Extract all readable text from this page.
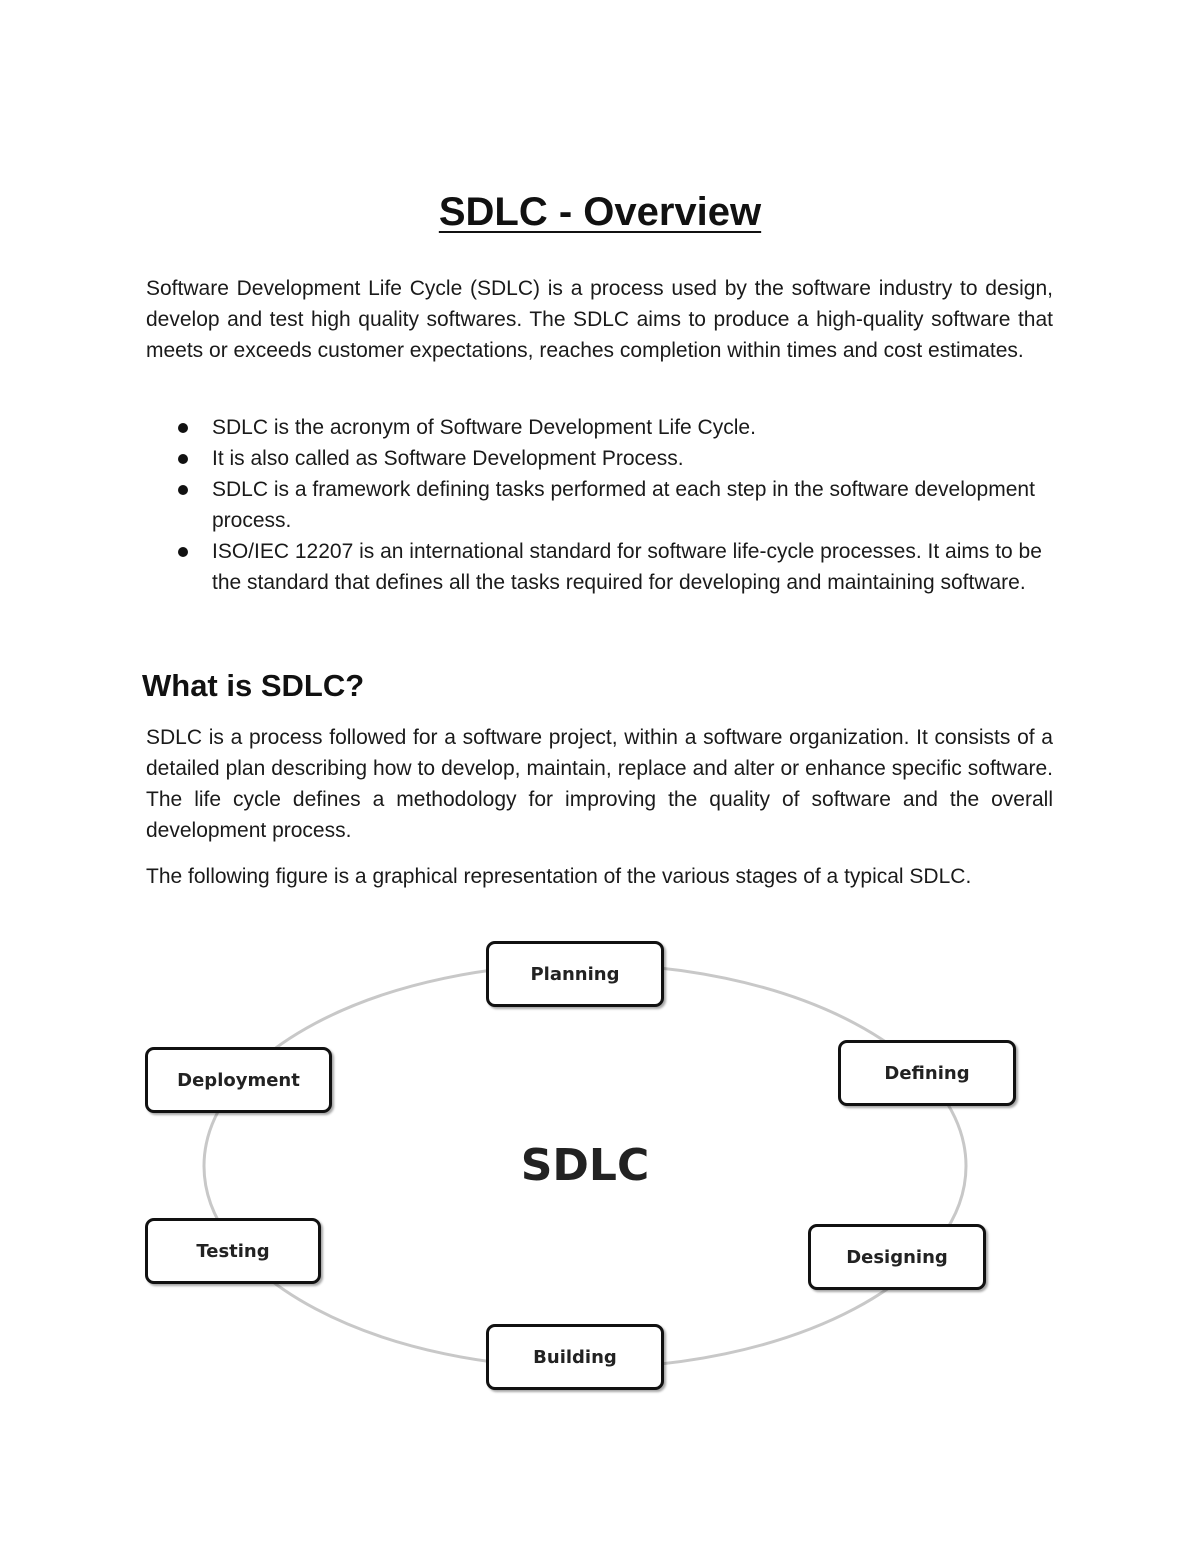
SDLC - Overview

Software Development Life Cycle (SDLC) is a process used by the software industry to design, develop and test high quality softwares. The SDLC aims to produce a high-quality software that meets or exceeds customer expectations, reaches completion within times and cost estimates.

SDLC is the acronym of Software Development Life Cycle.
It is also called as Software Development Process.
SDLC is a framework defining tasks performed at each step in the software development process.
ISO/IEC 12207 is an international standard for software life-cycle processes. It aims to be the standard that defines all the tasks required for developing and maintaining software.
What is SDLC?

SDLC is a process followed for a software project, within a software organization. It consists of a detailed plan describing how to develop, maintain, replace and alter or enhance specific software. The life cycle defines a methodology for improving the quality of software and the overall development process.

The following figure is a graphical representation of the various stages of a typical SDLC.

SDLC
Planning
Defining
Designing
Building
Testing
Deployment
